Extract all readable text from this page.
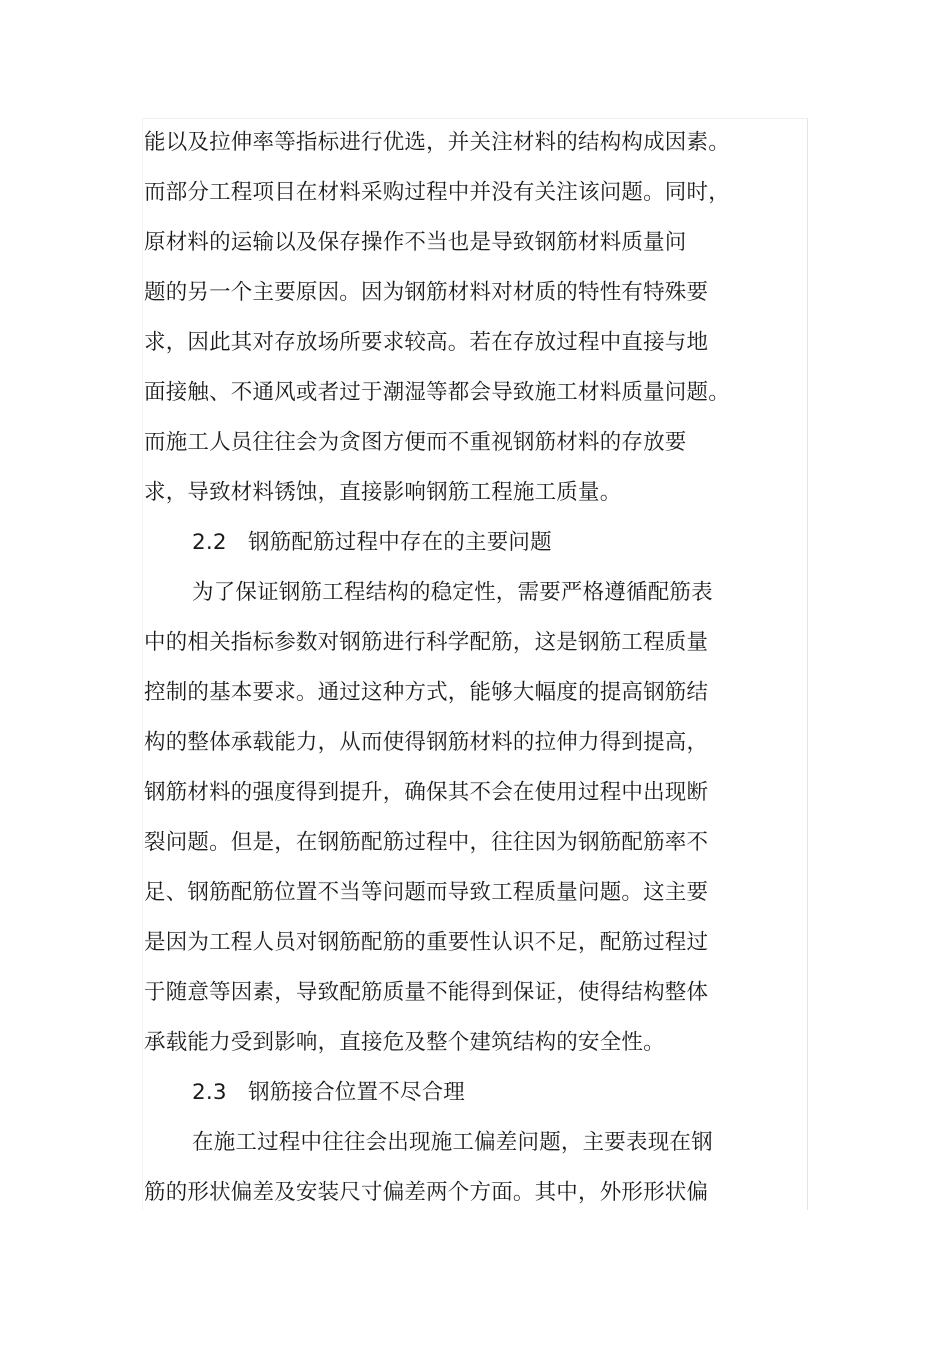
能以及拉伸率等指标进行优选，并关注材料的结构构成因素。
而部分工程项目在材料采购过程中并没有关注该问题。同时，
原材料的运输以及保存操作不当也是导致钢筋材料质量问
题的另一个主要原因。因为钢筋材料对材质的特性有特殊要
求，因此其对存放场所要求较高。若在存放过程中直接与地
面接触、不通风或者过于潮湿等都会导致施工材料质量问题。
而施工人员往往会为贪图方便而不重视钢筋材料的存放要
求，导致材料锈蚀，直接影响钢筋工程施工质量。
2.2 钢筋配筋过程中存在的主要问题
为了保证钢筋工程结构的稳定性，需要严格遵循配筋表
中的相关指标参数对钢筋进行科学配筋，这是钢筋工程质量
控制的基本要求。通过这种方式，能够大幅度的提高钢筋结
构的整体承载能力，从而使得钢筋材料的拉伸力得到提高，
钢筋材料的强度得到提升，确保其不会在使用过程中出现断
裂问题。但是，在钢筋配筋过程中，往往因为钢筋配筋率不
足、钢筋配筋位置不当等问题而导致工程质量问题。这主要
是因为工程人员对钢筋配筋的重要性认识不足，配筋过程过
于随意等因素，导致配筋质量不能得到保证，使得结构整体
承载能力受到影响，直接危及整个建筑结构的安全性。
2.3 钢筋接合位置不尽合理
在施工过程中往往会出现施工偏差问题，主要表现在钢
筋的形状偏差及安装尺寸偏差两个方面。其中，外形形状偏
